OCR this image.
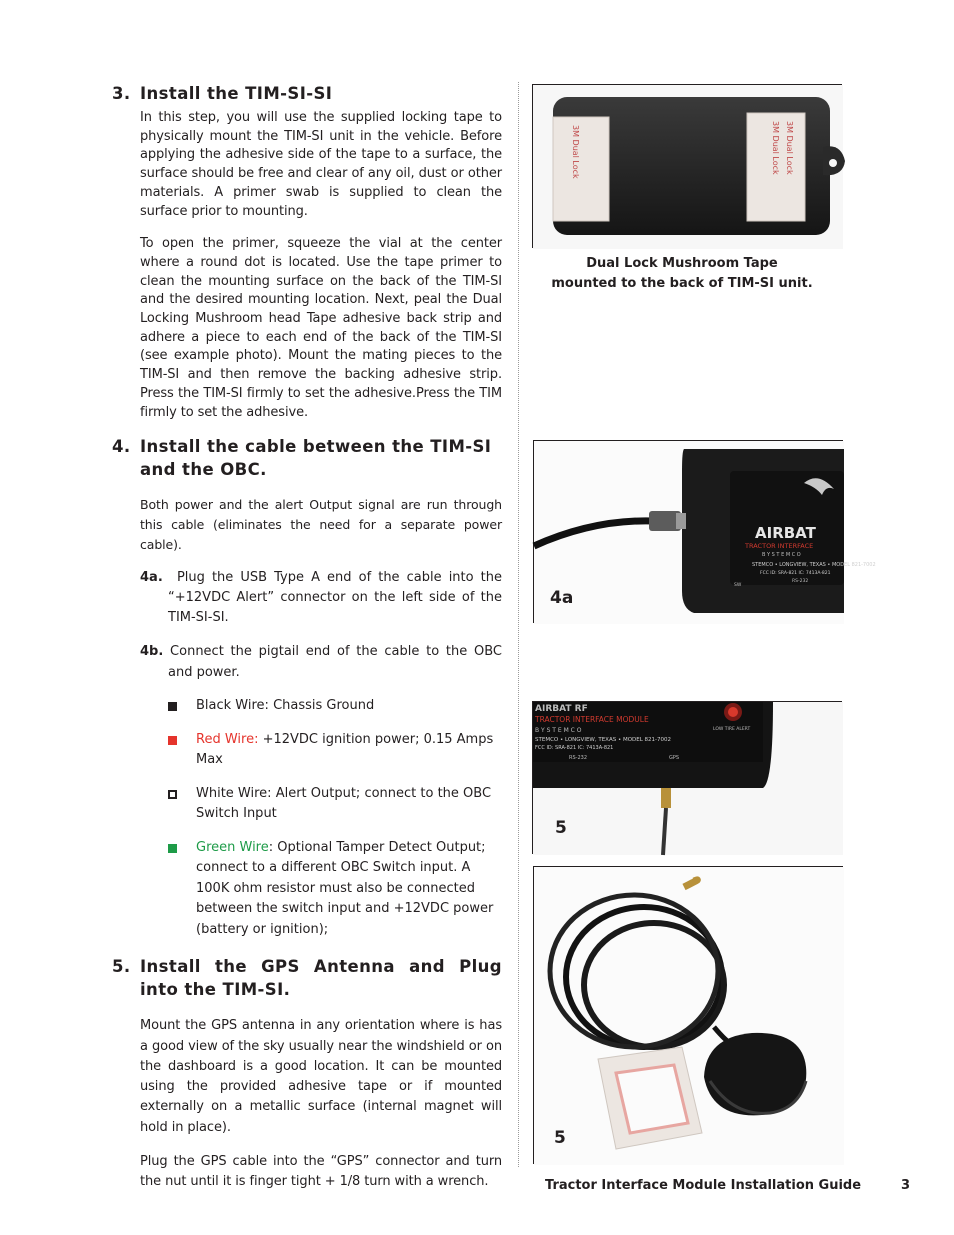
3. Install the TIM-SI-SI

In this step, you will use the supplied locking tape to physically mount the TIM-SI unit in the vehicle. Before applying the adhesive side of the tape to a surface, the surface should be free and clear of any oil, dust or other materials. A primer swab is supplied to clean the surface prior to mounting.

To open the primer, squeeze the vial at the center where a round dot is located. Use the tape primer to clean the mounting surface on the back of the TIM-SI and the desired mounting location. Next, peal the Dual Locking Mushroom head Tape adhesive back strip and adhere a piece to each end of the back of the TIM-SI (see example photo). Mount the mating pieces to the TIM-SI and then remove the backing adhesive strip. Press the TIM-SI firmly to set the adhesive.Press the TIM firmly to set the adhesive.

4. Install the cable between the TIM-SI and the OBC.

Both power and the alert Output signal are run through this cable (eliminates the need for a separate power cable).

4a. Plug the USB Type A end of the cable into the “+12VDC Alert” connector on the left side of the TIM-SI-SI.
4b. Connect the pigtail end of the cable to the OBC and power.
Black Wire: Chassis Ground
Red Wire: +12VDC ignition power; 0.15 Amps Max
White Wire: Alert Output; connect to the OBC Switch Input
Green Wire: Optional Tamper Detect Output; connect to a different OBC Switch input. A 100K ohm resistor must also be connected between the switch input and +12VDC power (battery or ignition);
5. Install the GPS Antenna and Plug into the TIM-SI.

Mount the GPS antenna in any orientation where is has a good view of the sky usually near the windshield or on the dashboard is a good location. It can be mounted using the provided adhesive tape or if mounted externally on a metallic surface (internal magnet will hold in place).

Plug the GPS cable into the “GPS” connector and turn the nut until it is finger tight + 1/8 turn with a wrench.

3M Dual Lock	3M Dual Lock 3M Dual Lock
Dual Lock Mushroom Tape
mounted to the back of TIM-SI unit.
AIRBAT
TRACTOR INTERFACE
B Y S T E M C O
STEMCO • LONGVIEW, TEXAS • MODEL 821-7002
FCC ID: SRA-821 IC: 7413A-821
SW
RS-232
4a
AIRBAT RF
TRACTOR INTERFACE MODULE
B Y S T E M C O
STEMCO • LONGVIEW, TEXAS • MODEL 821-7002
FCC ID: SRA-821 IC: 7413A-821
RS-232	GPS
LOW TIRE ALERT
5
5
Tractor Interface Module Installation Guide	3
